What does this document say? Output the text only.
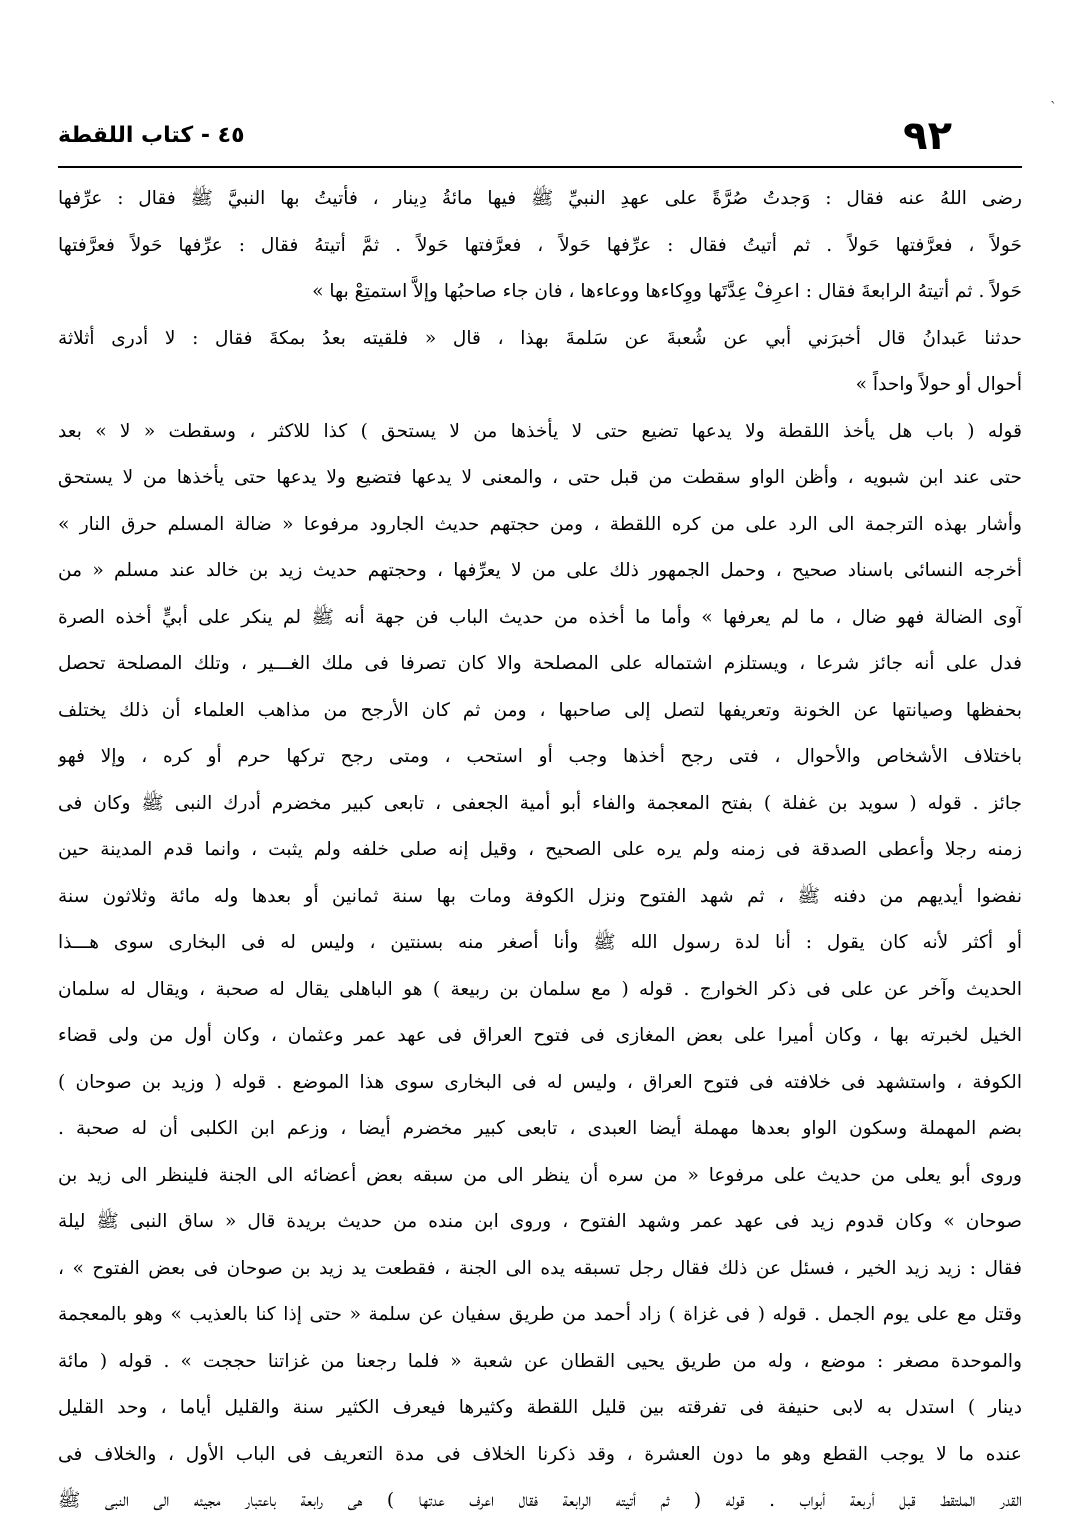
`
٩٢
٤٥ - كتاب اللقطة
رضى اللهُ عنه فقال : وَجدتُ صُرَّةً على عهدِ النبيِّ ﷺ فيها مائةُ دِينار ، فأتيتُ بها النبيَّ ﷺ فقال : عرِّفها
حَولاً ، فعرَّفتها حَولاً . ثم أتيتُ فقال : عرِّفها حَولاً ، فعرَّفتها حَولاً . ثمَّ أتيتهُ فقال : عرِّفها حَولاً فعرَّفتها
حَولاً . ثم أتيتهُ الرابعةَ فقال : اعرِفْ عِدَّتَها ووِكاءها ووعاءها ، فان جاء صاحبُها وإلاَّ استمتِعْ بها »
حدثنا عَبدانُ قال أخبرَني أبي عن شُعبةَ عن سَلمةَ بهذا ، قال « فلقيته بعدُ بمكةَ فقال : لا أدرى أثلاثة
أحوال أو حولاً واحداً »
قوله ( باب هل يأخذ اللقطة ولا يدعها تضيع حتى لا يأخذها من لا يستحق ) كذا للاكثر ، وسقطت « لا » بعد
حتى عند ابن شبويه ، وأظن الواو سقطت من قبل حتى ، والمعنى لا يدعها فتضيع ولا يدعها حتى يأخذها من لا يستحق
وأشار بهذه الترجمة الى الرد على من كره اللقطة ، ومن حجتهم حديث الجارود مرفوعا « ضالة المسلم حرق النار »
أخرجه النسائى باسناد صحيح ، وحمل الجمهور ذلك على من لا يعرِّفها ، وحجتهم حديث زيد بن خالد عند مسلم « من
آوى الضالة فهو ضال ، ما لم يعرفها » وأما ما أخذه من حديث الباب فن جهة أنه ﷺ لم ينكر على أبيٍّ أخذه الصرة
فدل على أنه جائز شرعا ، ويستلزم اشتماله على المصلحة والا كان تصرفا فى ملك الغـــير ، وتلك المصلحة تحصل
بحفظها وصيانتها عن الخونة وتعريفها لتصل إلى صاحبها ، ومن ثم كان الأرجح من مذاهب العلماء أن ذلك يختلف
باختلاف الأشخاص والأحوال ، فتى رجح أخذها وجب أو استحب ، ومتى رجح تركها حرم أو كره ، وإلا فهو
جائز . قوله ( سويد بن غفلة ) بفتح المعجمة والفاء أبو أمية الجعفى ، تابعى كبير مخضرم أدرك النبى ﷺ وكان فى
زمنه رجلا وأعطى الصدقة فى زمنه ولم يره على الصحيح ، وقيل إنه صلى خلفه ولم يثبت ، وانما قدم المدينة حين
نفضوا أيديهم من دفنه ﷺ ، ثم شهد الفتوح ونزل الكوفة ومات بها سنة ثمانين أو بعدها وله مائة وثلاثون سنة
أو أكثر لأنه كان يقول : أنا لدة رسول الله ﷺ وأنا أصغر منه بسنتين ، وليس له فى البخارى سوى هـــذا
الحديث وآخر عن على فى ذكر الخوارج . قوله ( مع سلمان بن ربيعة ) هو الباهلى يقال له صحبة ، ويقال له سلمان
الخيل لخبرته بها ، وكان أميرا على بعض المغازى فى فتوح العراق فى عهد عمر وعثمان ، وكان أول من ولى قضاء
الكوفة ، واستشهد فى خلافته فى فتوح العراق ، وليس له فى البخارى سوى هذا الموضع . قوله ( وزيد بن صوحان )
بضم المهملة وسكون الواو بعدها مهملة أيضا العبدى ، تابعى كبير مخضرم أيضا ، وزعم ابن الكلبى أن له صحبة .
وروى أبو يعلى من حديث على مرفوعا « من سره أن ينظر الى من سبقه بعض أعضائه الى الجنة فلينظر الى زيد بن
صوحان » وكان قدوم زيد فى عهد عمر وشهد الفتوح ، وروى ابن منده من حديث بريدة قال « ساق النبى ﷺ ليلة
فقال : زيد زيد الخير ، فسئل عن ذلك فقال رجل تسبقه يده الى الجنة ، فقطعت يد زيد بن صوحان فى بعض الفتوح » ،
وقتل مع على يوم الجمل . قوله ( فى غزاة ) زاد أحمد من طريق سفيان عن سلمة « حتى إذا كنا بالعذيب » وهو بالمعجمة
والموحدة مصغر : موضع ، وله من طريق يحيى القطان عن شعبة « فلما رجعنا من غزاتنا حججت » . قوله ( مائة
دينار ) استدل به لابى حنيفة فى تفرقته بين قليل اللقطة وكثيرها فيعرف الكثير سنة والقليل أياما ، وحد القليل
عنده ما لا يوجب القطع وهو ما دون العشرة ، وقد ذكرنا الخلاف فى مدة التعريف فى الباب الأول ، والخلاف فى
القدر الملتقط قبل أربعة أبواب . قوله ( ثم أتيته الرابعة فقال اعرف عدتها ) هى رابعة باعتبار مجيئه الى النبى ﷺ
